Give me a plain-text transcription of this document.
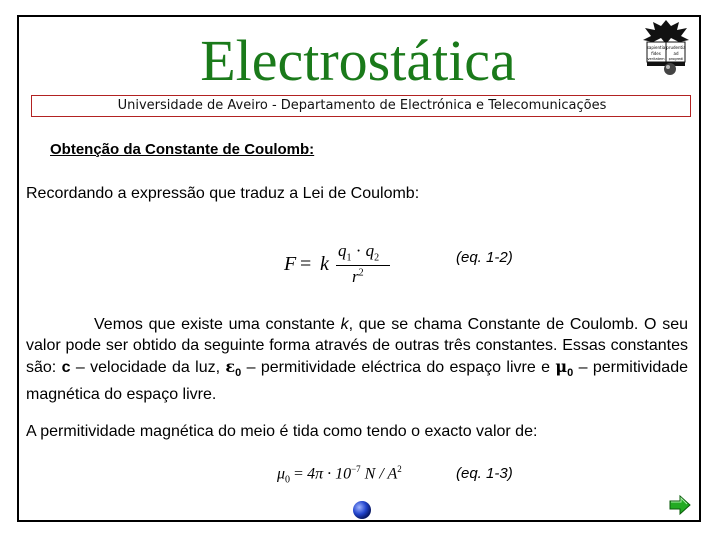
Electrostática
Universidade de Aveiro - Departamento de Electrónica e Telecomunicações
sapientia prudentia
fides	ad
veritatem progredi
Obtenção da Constante de Coulomb:
Recordando a expressão que traduz a Lei de Coulomb:
F = k
$q_1 \cdot q_2$
$r^2$
(eq. 1-2)
Vemos que existe uma constante k, que se chama Constante de Coulomb. O seu valor pode ser obtido da seguinte forma através de outras três constantes. Essas constantes são: c – velocidade da luz, $\varepsilon_0$ – permitividade eléctrica do espaço livre e $\mu_0$ – permitividade magnética do espaço livre.
A permitividade magnética do meio é tida como tendo o exacto valor de:
$\mu_0 = 4\pi \cdot 10^{-7}$ N / $A^2$	(eq. 1-3)
